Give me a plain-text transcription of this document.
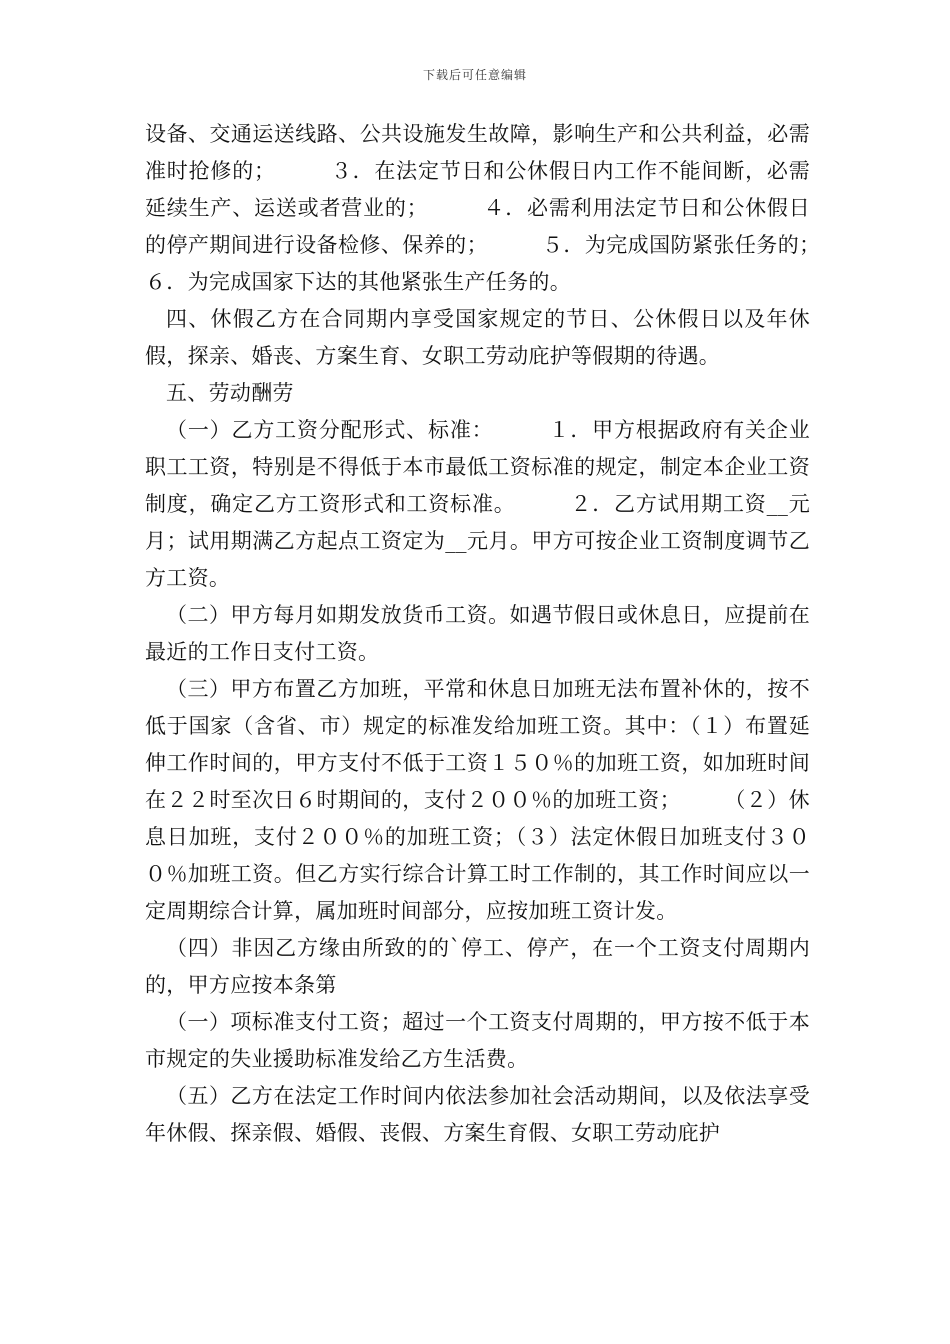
下载后可任意编辑

设备、交通运送线路、公共设施发生故障，影响生产和公共利益，必需准时抢修的；　　　３．在法定节日和公休假日内工作不能间断，必需延续生产、运送或者营业的；　　　４．必需利用法定节日和公休假日的停产期间进行设备检修、保养的；　　　５．为完成国防紧张任务的；　　　６．为完成国家下达的其他紧张生产任务的。

四、休假乙方在合同期内享受国家规定的节日、公休假日以及年休假，探亲、婚丧、方案生育、女职工劳动庇护等假期的待遇。

五、劳动酬劳

（一）乙方工资分配形式、标准：　　　１．甲方根据政府有关企业职工工资，特别是不得低于本市最低工资标准的规定，制定本企业工资制度，确定乙方工资形式和工资标准。　　　２．乙方试用期工资__元月；试用期满乙方起点工资定为__元月。甲方可按企业工资制度调节乙方工资。

（二）甲方每月如期发放货币工资。如遇节假日或休息日，应提前在最近的工作日支付工资。

（三）甲方布置乙方加班，平常和休息日加班无法布置补休的，按不低于国家（含省、市）规定的标准发给加班工资。其中：（１）布置延伸工作时间的，甲方支付不低于工资１５０％的加班工资，如加班时间在２２时至次日６时期间的，支付２００％的加班工资；　　　（２）休息日加班，支付２００％的加班工资；（３）法定休假日加班支付３００％加班工资。但乙方实行综合计算工时工作制的，其工作时间应以一定周期综合计算，属加班时间部分，应按加班工资计发。

（四）非因乙方缘由所致的的`停工、停产，在一个工资支付周期内的，甲方应按本条第

（一）项标准支付工资；超过一个工资支付周期的，甲方按不低于本市规定的失业援助标准发给乙方生活费。

（五）乙方在法定工作时间内依法参加社会活动期间，以及依法享受年休假、探亲假、婚假、丧假、方案生育假、女职工劳动庇护
